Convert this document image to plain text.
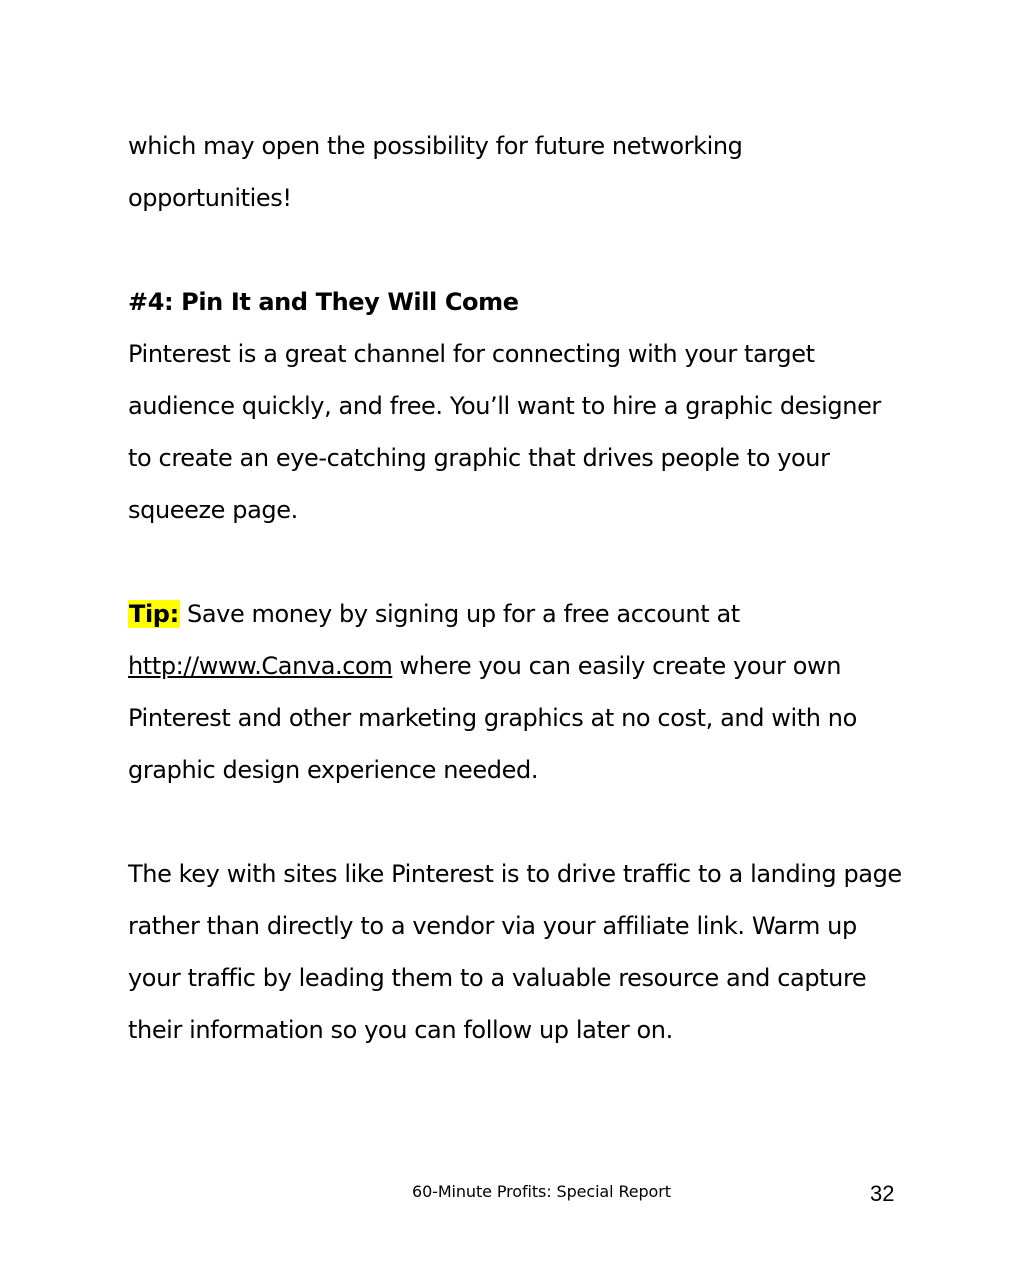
which may open the possibility for future networking
opportunities!
#4: Pin It and They Will Come
Pinterest is a great channel for connecting with your target
audience quickly, and free. You’ll want to hire a graphic designer
to create an eye-catching graphic that drives people to your
squeeze page.
Tip: Save money by signing up for a free account at
http://www.Canva.com where you can easily create your own
Pinterest and other marketing graphics at no cost, and with no
graphic design experience needed.
The key with sites like Pinterest is to drive traffic to a landing page
rather than directly to a vendor via your affiliate link. Warm up
your traffic by leading them to a valuable resource and capture
their information so you can follow up later on.
60-Minute Profits: Special Report	32
